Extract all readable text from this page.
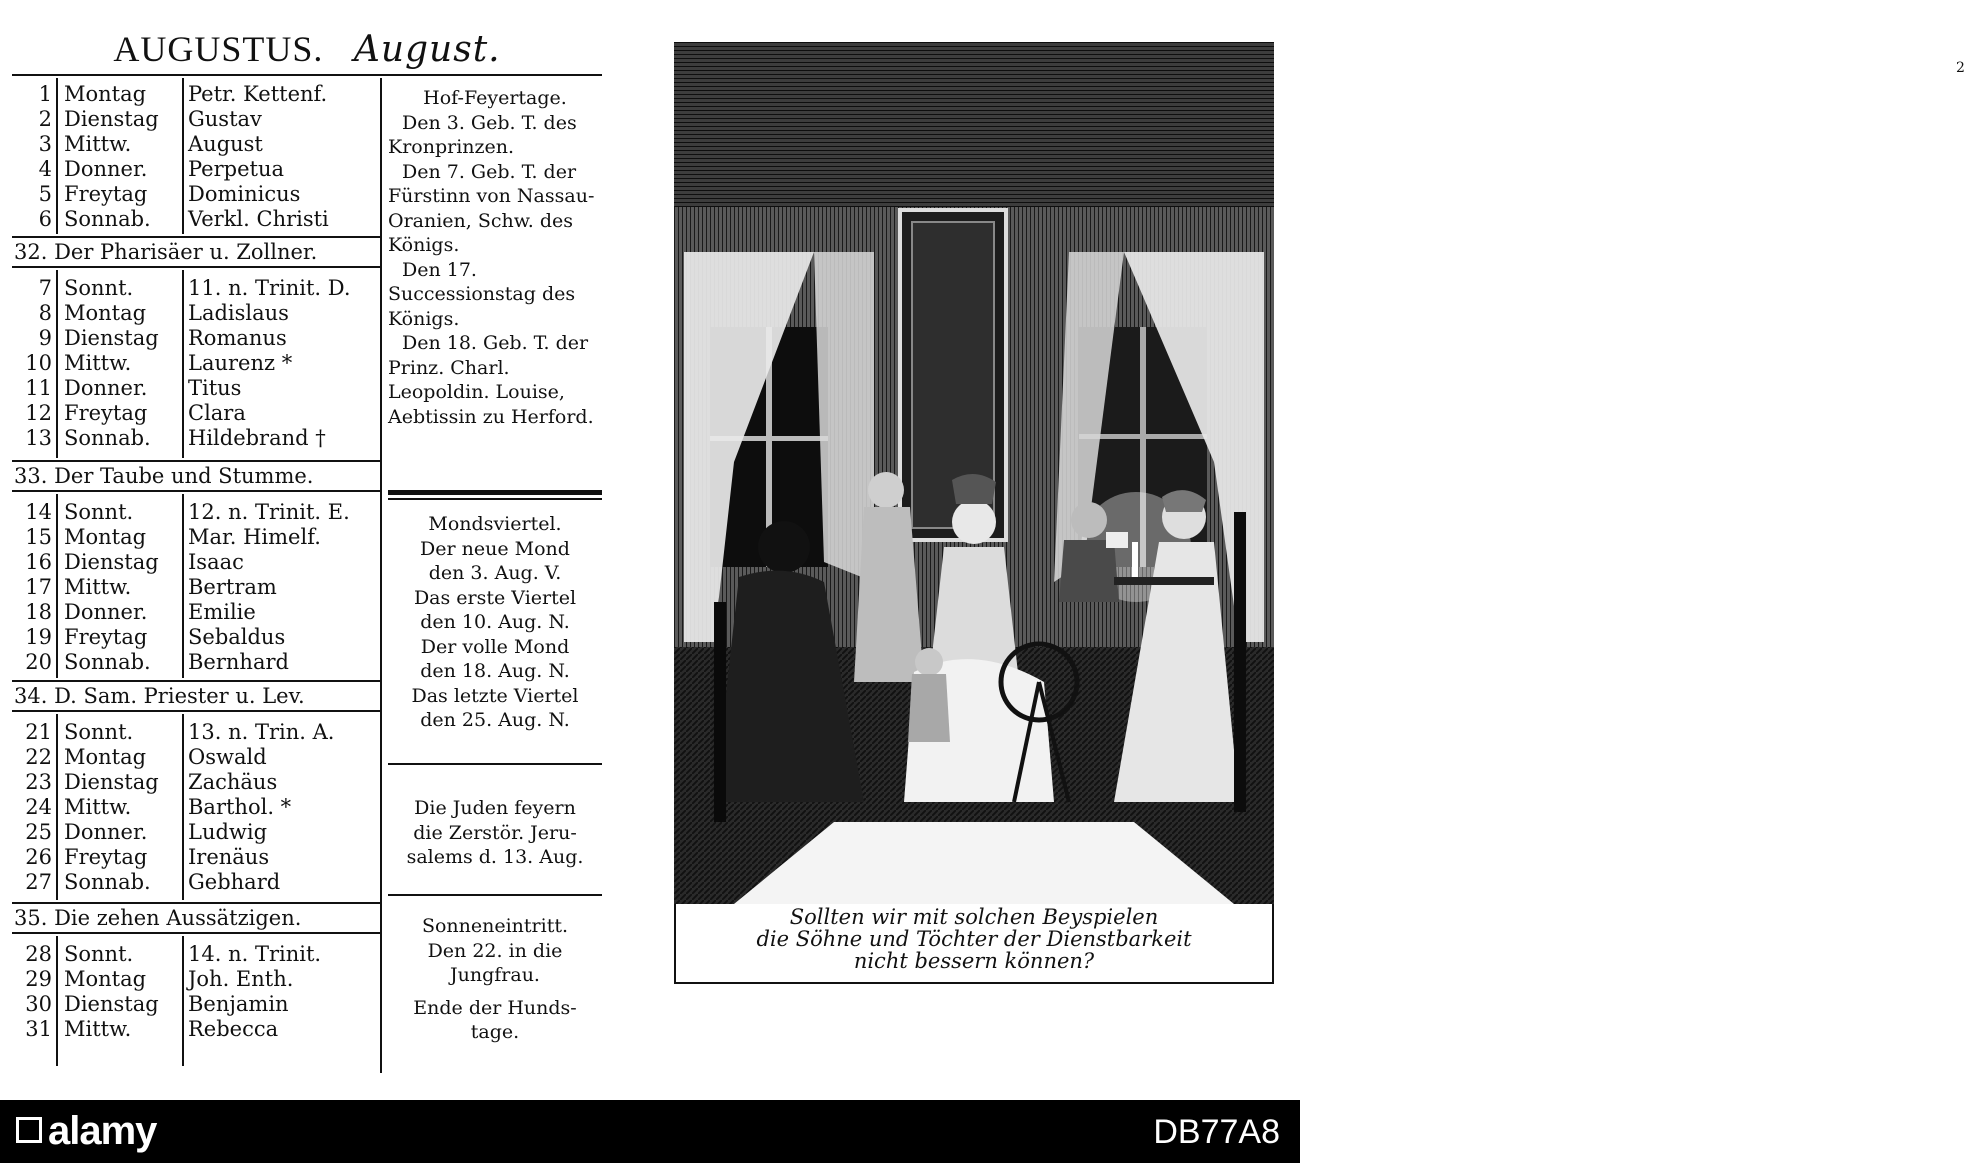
AUGUSTUS. August.
1 Montag	Petr. Kettenf.
2 Dienstag	Gustav
3 Mittw.	August
4 Donner.	Perpetua
5 Freytag	Dominicus
6 Sonnab.	Verkl. Christi
32. Der Pharisäer u. Zollner.
7 Sonnt.	11. n. Trinit. D.
8 Montag	Ladislaus
9 Dienstag	Romanus
10 Mittw.	Laurenz *
11 Donner.	Titus
12 Freytag	Clara
13 Sonnab.	Hildebrand †
33. Der Taube und Stumme.
14 Sonnt.	12. n. Trinit. E.
15 Montag	Mar. Himelf.
16 Dienstag	Isaac
17 Mittw.	Bertram
18 Donner.	Emilie
19 Freytag	Sebaldus
20 Sonnab.	Bernhard
34. D. Sam. Priester u. Lev.
21 Sonnt.	13. n. Trin. A.
22 Montag	Oswald
23 Dienstag	Zachäus
24 Mittw.	Barthol. *
25 Donner.	Ludwig
26 Freytag	Irenäus
27 Sonnab.	Gebhard
35. Die zehen Aussätzigen.
28 Sonnt.	14. n. Trinit.
29 Montag	Joh. Enth.
30 Dienstag	Benjamin
31 Mittw.	Rebecca

Hof-Feyertage.

Den 3. Geb. T. des Kronprinzen.

Den 7. Geb. T. der Fürstinn von Nassau-Oranien, Schw. des Königs.

Den 17. Successionstag des Königs.

Den 18. Geb. T. der Prinz. Charl. Leopoldin. Louise, Aebtissin zu Herford.

Mondsviertel.

Der neue Mond

den 3. Aug. V.

Das erste Viertel

den 10. Aug. N.

Der volle Mond

den 18. Aug. N.

Das letzte Viertel

den 25. Aug. N.

Die Juden feyern

die Zerstör. Jeru-

salems d. 13. Aug.

Sonneneintritt.

Den 22. in die

Jungfrau.

Ende der Hunds-

tage.

2
Sollten wir mit solchen Beyspielen
die Söhne und Töchter der Dienstbarkeit
nicht bessern können?
alamy	DB77A8
